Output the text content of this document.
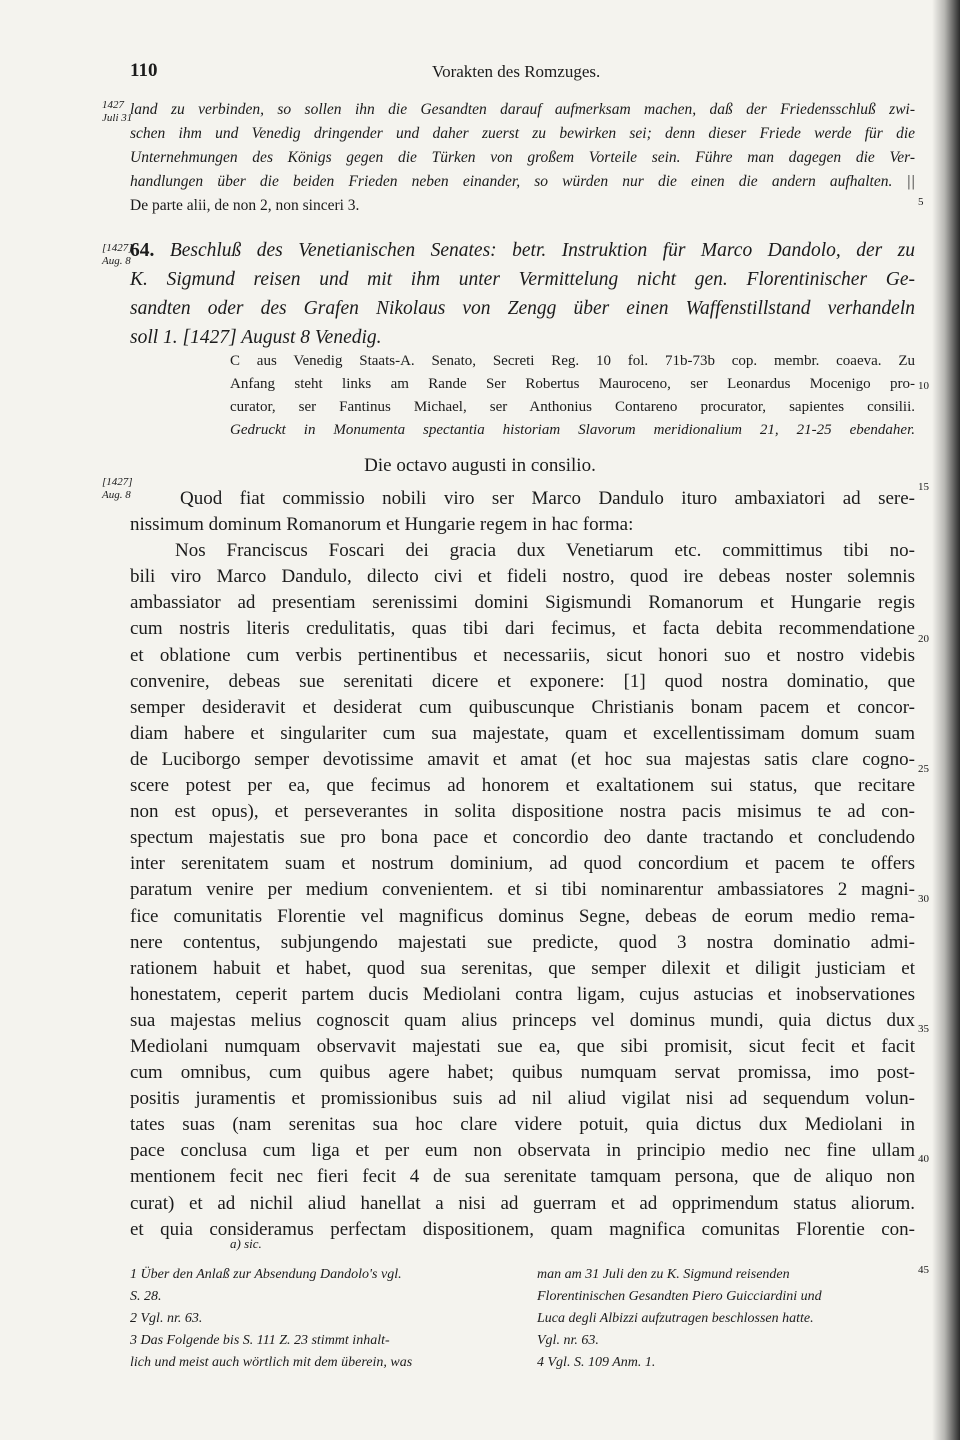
110	Vorakten des Romzuges.
1427
Juli 31
land zu verbinden, so sollen ihn die Gesandten darauf aufmerksam machen, daß der Friedensschluß zwi-
schen ihm und Venedig dringender und daher zuerst zu bewirken sei; denn dieser Friede werde für die
Unternehmungen des Königs gegen die Türken von großem Vorteile sein. Führe man dagegen die Ver-
handlungen über die beiden Frieden neben einander, so würden nur die einen die andern aufhalten. ||
De parte alii, de non 2, non sinceri 3.	5
[1427]
Aug. 8 64. Beschluß des Venetianischen Senates: betr. Instruktion für Marco Dandolo, der zu
K. Sigmund reisen und mit ihm unter Vermittelung nicht gen. Florentinischer Ge-
sandten oder des Grafen Nikolaus von Zengg über einen Waffenstillstand verhandeln
soll 1. [1427] August 8 Venedig.
C aus Venedig Staats-A. Senato, Secreti Reg. 10 fol. 71b-73b cop. membr. coaeva. Zu
Anfang steht links am Rande Ser Robertus Mauroceno, ser Leonardus Mocenigo pro-
curator, ser Fantinus Michael, ser Anthonius Contareno procurator, sapientes consilii.
Gedruckt in Monumenta spectantia historiam Slavorum meridionalium 21, 21-25 ebendaher.
10
Die octavo augusti in consilio.
[1427]
Aug. 8	Quod fiat commissio nobili viro ser Marco Dandulo ituro ambaxiatori ad sere-
nissimum dominum Romanorum et Hungarie regem in hac forma:
Nos Franciscus Foscari dei gracia dux Venetiarum etc. committimus tibi no-
bili viro Marco Dandulo, dilecto civi et fideli nostro, quod ire debeas noster solemnis
ambassiator ad presentiam serenissimi domini Sigismundi Romanorum et Hungarie regis
cum nostris literis credulitatis, quas tibi dari fecimus, et facta debita recommendatione
et oblatione cum verbis pertinentibus et necessariis, sicut honori suo et nostro videbis
convenire, debeas sue serenitati dicere et exponere: [1] quod nostra dominatio, que
semper desideravit et desiderat cum quibuscunque Christianis bonam pacem et concor-
diam habere et singulariter cum sua majestate, quam et excellentissimam domum suam
de Luciborgo semper devotissime amavit et amat (et hoc sua majestas satis clare cogno-
scere potest per ea, que fecimus ad honorem et exaltationem sui status, que recitare
non est opus), et perseverantes in solita dispositione nostra pacis misimus te ad con-
spectum majestatis sue pro bona pace et concordio deo dante tractando et concludendo
inter serenitatem suam et nostrum dominium, ad quod concordium et pacem te offers
paratum venire per medium convenientem. et si tibi nominarentur ambassiatores 2 magni-
fice comunitatis Florentie vel magnificus dominus Segne, debeas de eorum medio rema-
nere contentus, subjungendo majestati sue predicte, quod 3 nostra dominatio admi-
rationem habuit et habet, quod sua serenitas, que semper dilexit et diligit justiciam et
honestatem, ceperit partem ducis Mediolani contra ligam, cujus astucias et inobservationes
sua majestas melius cognoscit quam alius princeps vel dominus mundi, quia dictus dux
Mediolani numquam observavit majestati sue ea, que sibi promisit, sicut fecit et facit
cum omnibus, cum quibus agere habet; quibus numquam servat promissa, imo post-
positis juramentis et promissionibus suis ad nil aliud vigilat nisi ad sequendum volun-
tates suas (nam serenitas sua hoc clare videre potuit, quia dictus dux Mediolani in
pace conclusa cum liga et per eum non observata in principio medio nec fine ullam
mentionem fecit nec fieri fecit 4 de sua serenitate tamquam persona, que de aliquo non
curat) et ad nichil aliud hanellat a nisi ad guerram et ad opprimendum status aliorum.
et quia consideramus perfectam dispositionem, quam magnifica comunitas Florentie con-
15
20
25
30
35
40
a) sic.
1 Über den Anlaß zur Absendung Dandolo's vgl.
S. 28.
2 Vgl. nr. 63.
3 Das Folgende bis S. 111 Z. 23 stimmt inhalt-
lich und meist auch wörtlich mit dem überein, was
man am 31 Juli den zu K. Sigmund reisenden
Florentinischen Gesandten Piero Guicciardini und
Luca degli Albizzi aufzutragen beschlossen hatte.
Vgl. nr. 63.
4 Vgl. S. 109 Anm. 1.
45
